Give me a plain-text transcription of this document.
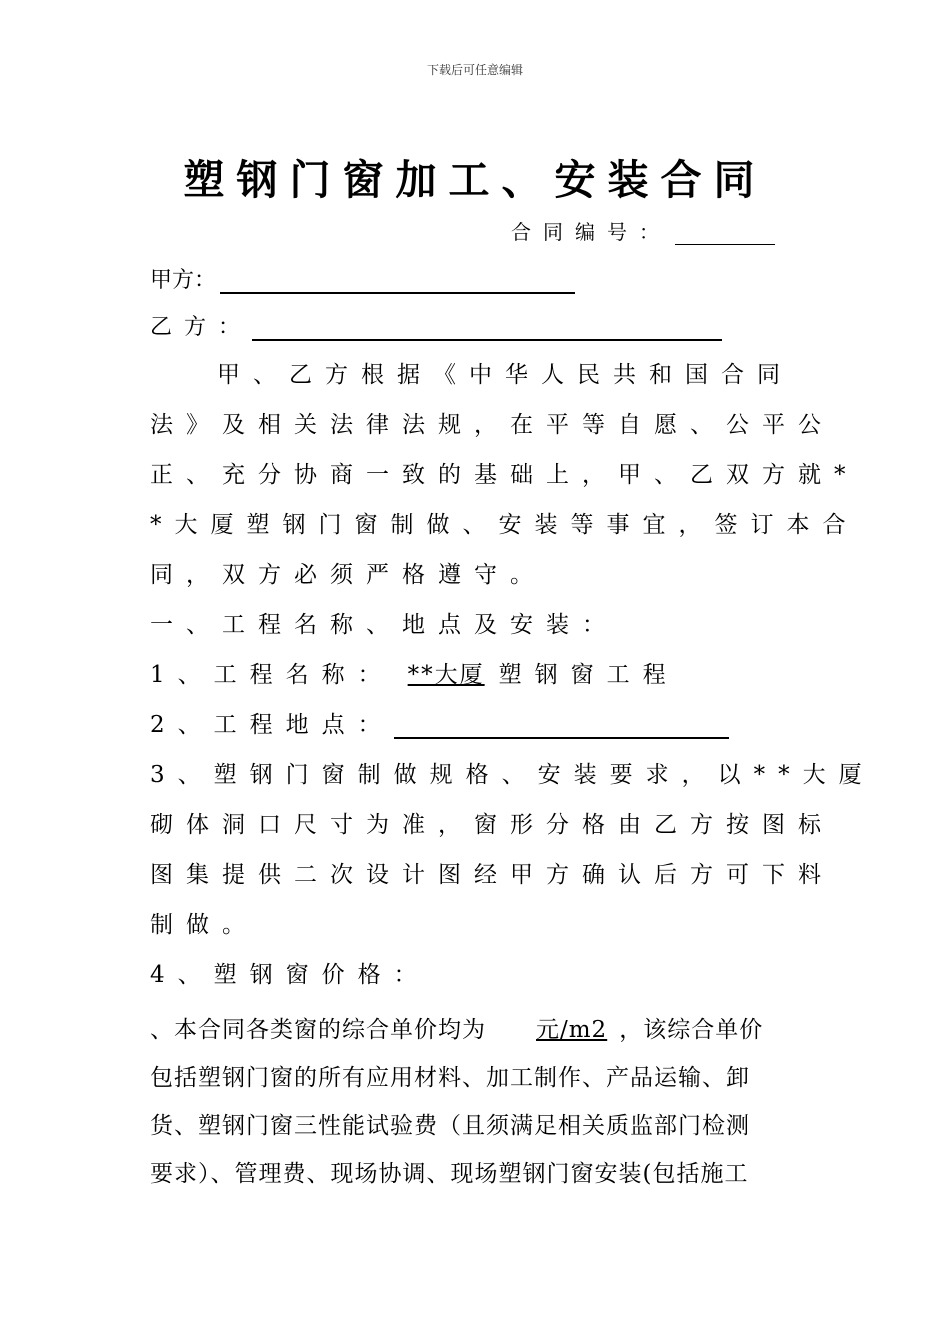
下载后可任意编辑
塑钢门窗加工、安装合同
合同编号：
甲方：
乙方：
甲、乙方根据《中华人民共和国合同
法》及相关法律法规，在平等自愿、公平公
正、充分协商一致的基础上，甲、乙双方就*
*大厦塑钢门窗制做、安装等事宜，签订本合
同，双方必须严格遵守。
一、工程名称、地点及安装：
1、工程名称： **大厦 塑钢窗工程
2、工程地点：
3、塑钢门窗制做规格、安装要求，以**大厦
砌体洞口尺寸为准，窗形分格由乙方按图标
图集提供二次设计图经甲方确认后方可下料
制做。
4、塑钢窗价格：
、本合同各类窗的综合单价均为 元/m2 ，该综合单价
包括塑钢门窗的所有应用材料、加工制作、产品运输、卸
货、塑钢门窗三性能试验费（且须满足相关质监部门检测
要求）、管理费、现场协调、现场塑钢门窗安装(包括施工
